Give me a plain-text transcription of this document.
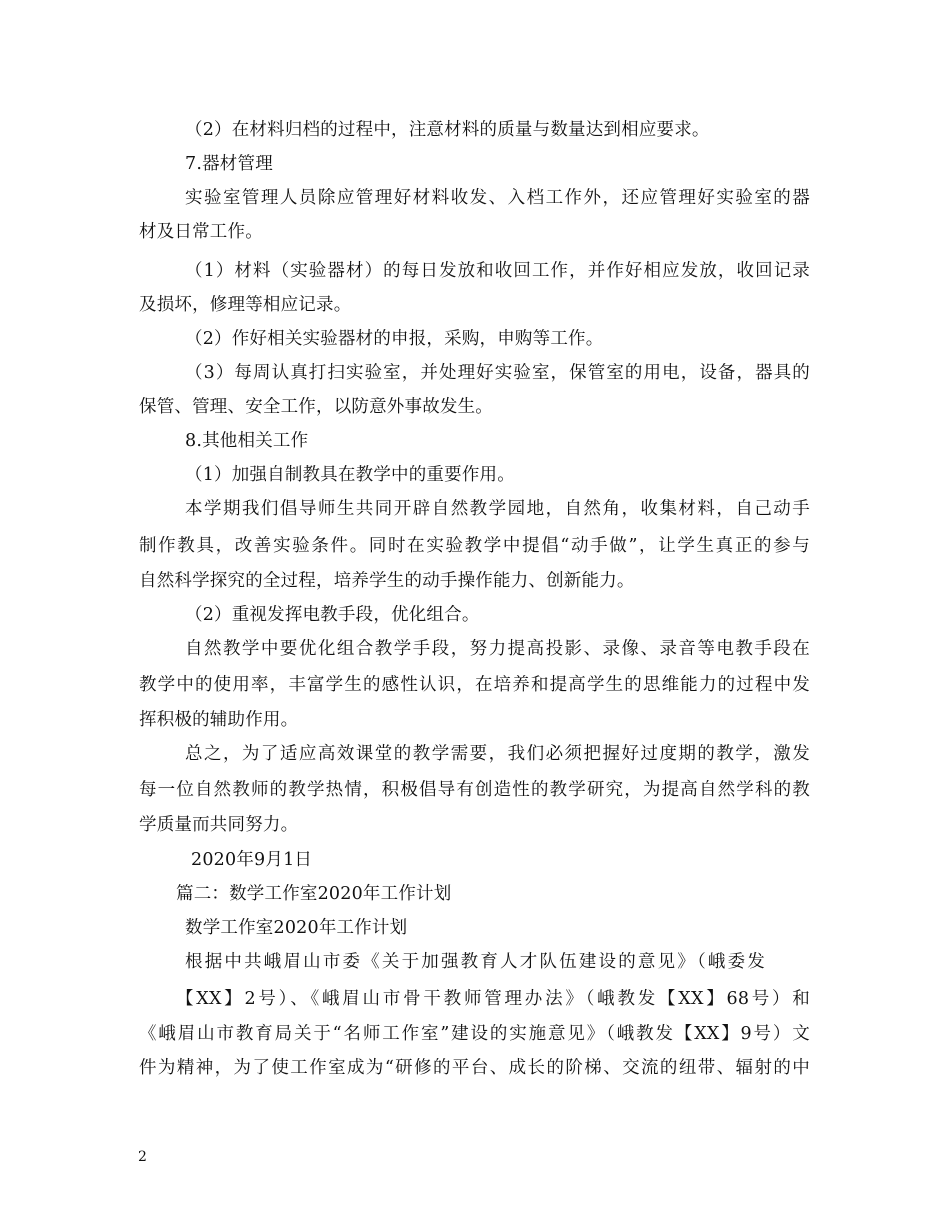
（2）在材料归档的过程中，注意材料的质量与数量达到相应要求。
7.器材管理
实验室管理人员除应管理好材料收发、入档工作外，还应管理好实验室的器
材及日常工作。
（1）材料（实验器材）的每日发放和收回工作，并作好相应发放，收回记录
及损坏，修理等相应记录。
（2）作好相关实验器材的申报，采购，申购等工作。
（3）每周认真打扫实验室，并处理好实验室，保管室的用电，设备，器具的
保管、管理、安全工作，以防意外事故发生。
8.其他相关工作
（1）加强自制教具在教学中的重要作用。
本学期我们倡导师生共同开辟自然教学园地，自然角，收集材料，自己动手
制作教具，改善实验条件。同时在实验教学中提倡“动手做”，让学生真正的参与
自然科学探究的全过程，培养学生的动手操作能力、创新能力。
（2）重视发挥电教手段，优化组合。
自然教学中要优化组合教学手段，努力提高投影、录像、录音等电教手段在
教学中的使用率，丰富学生的感性认识，在培养和提高学生的思维能力的过程中发
挥积极的辅助作用。
总之，为了适应高效课堂的教学需要，我们必须把握好过度期的教学，激发
每一位自然教师的教学热情，积极倡导有创造性的教学研究，为提高自然学科的教
学质量而共同努力。
2020年9月1日
篇二：数学工作室2020年工作计划
数学工作室2020年工作计划
根据中共峨眉山市委《关于加强教育人才队伍建设的意见》（峨委发
【XX】2号）、《峨眉山市骨干教师管理办法》（峨教发【XX】68号）和
《峨眉山市教育局关于“名师工作室”建设的实施意见》（峨教发【XX】9号）文
件为精神，为了使工作室成为“研修的平台、成长的阶梯、交流的纽带、辐射的中
2
